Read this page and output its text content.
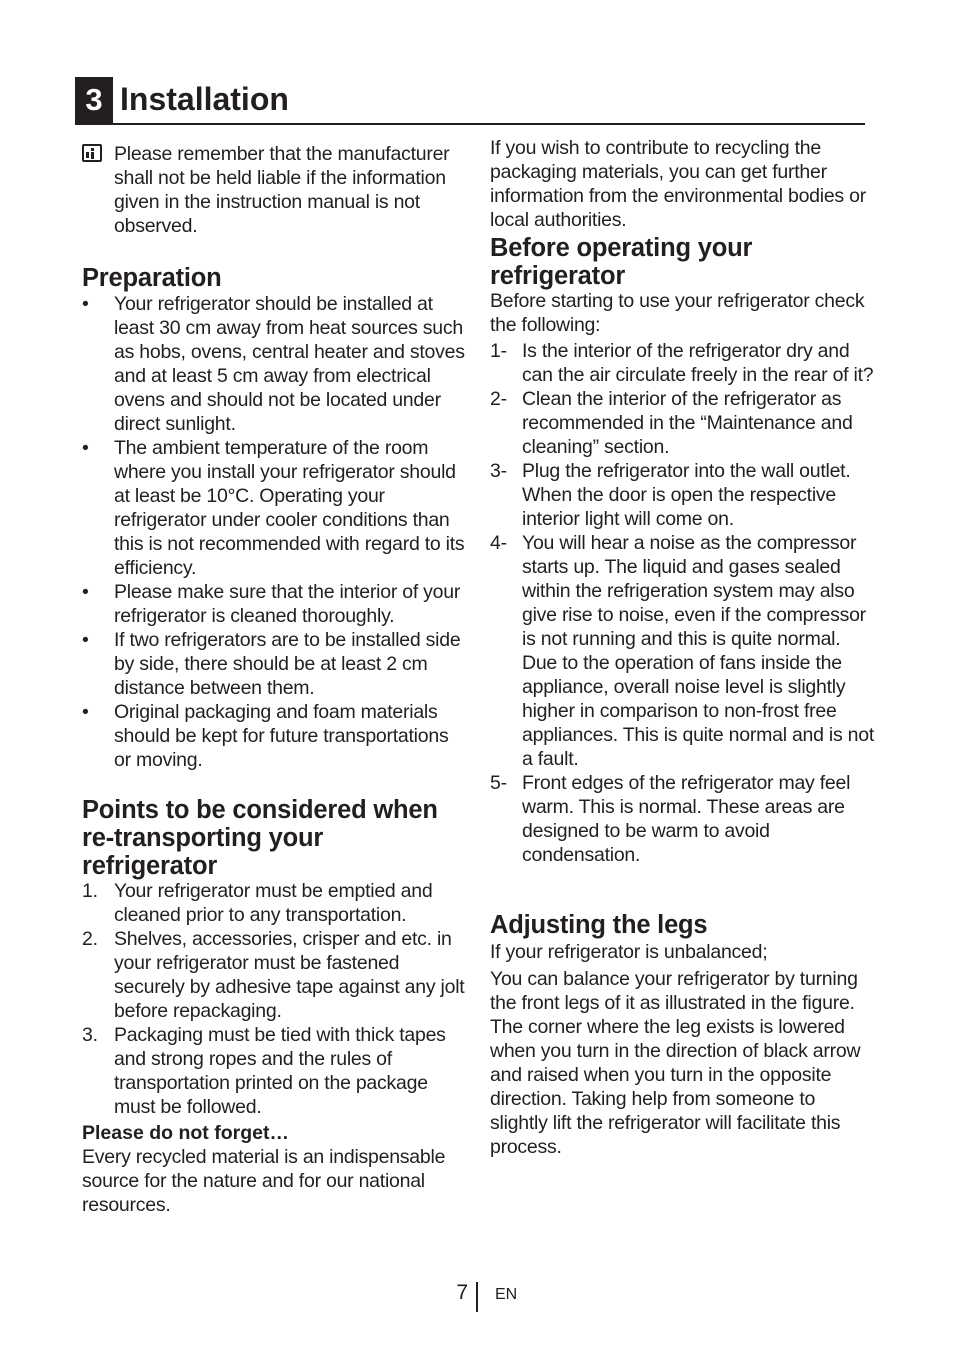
3 Installation
Please remember that the manufacturer shall not be held liable if the information given in the instruction manual is not observed.
Preparation
• Your refrigerator should be installed at least 30 cm away from heat sources such as hobs, ovens, central heater and stoves and at least 5 cm away from electrical ovens and should not be located under direct sunlight.
• The ambient temperature of the room where you install your refrigerator should at least be 10°C. Operating your refrigerator under cooler conditions than this is not recommended with regard to its efficiency.
• Please make sure that the interior of your refrigerator is cleaned thoroughly.
• If two refrigerators are to be installed side by side, there should be at least 2 cm distance between them.
• Original packaging and foam materials should be kept for future transportations or moving.
Points to be considered when re-transporting your refrigerator
1. Your refrigerator must be emptied and cleaned prior to any transportation.
2. Shelves, accessories, crisper and etc. in your refrigerator must be fastened securely by adhesive tape against any jolt before repackaging.
3. Packaging must be tied with thick tapes and strong ropes and the rules of transportation printed on the package must be followed.
Please do not forget…
Every recycled material is an indispensable source for the nature and for our national resources.
If you wish to contribute to recycling the packaging materials, you can get further information from the environmental bodies or local authorities.
Before operating your refrigerator
Before starting to use your refrigerator check the following:
1- Is the interior of the refrigerator dry and can the air circulate freely in the rear of it?
2- Clean the interior of the refrigerator as recommended in the “Maintenance and cleaning” section.
3- Plug the refrigerator into the wall outlet. When the door is open the respective interior light will come on.
4- You will hear a noise as the compressor starts up. The liquid and gases sealed within the refrigeration system may also give rise to noise, even if the compressor is not running and this is quite normal. Due to the operation of fans inside the appliance, overall noise level is slightly higher in comparison to non-frost free appliances. This is quite normal and is not a fault.
5- Front edges of the refrigerator may feel warm. This is normal. These areas are designed to be warm to avoid condensation.
Adjusting the legs
If your refrigerator is unbalanced;
You can balance your refrigerator by turning the front legs of it as illustrated in the figure. The corner where the leg exists is lowered when you turn in the direction of black arrow and raised when you turn in the opposite direction. Taking help from someone to slightly lift the refrigerator will facilitate this process.
7 EN
